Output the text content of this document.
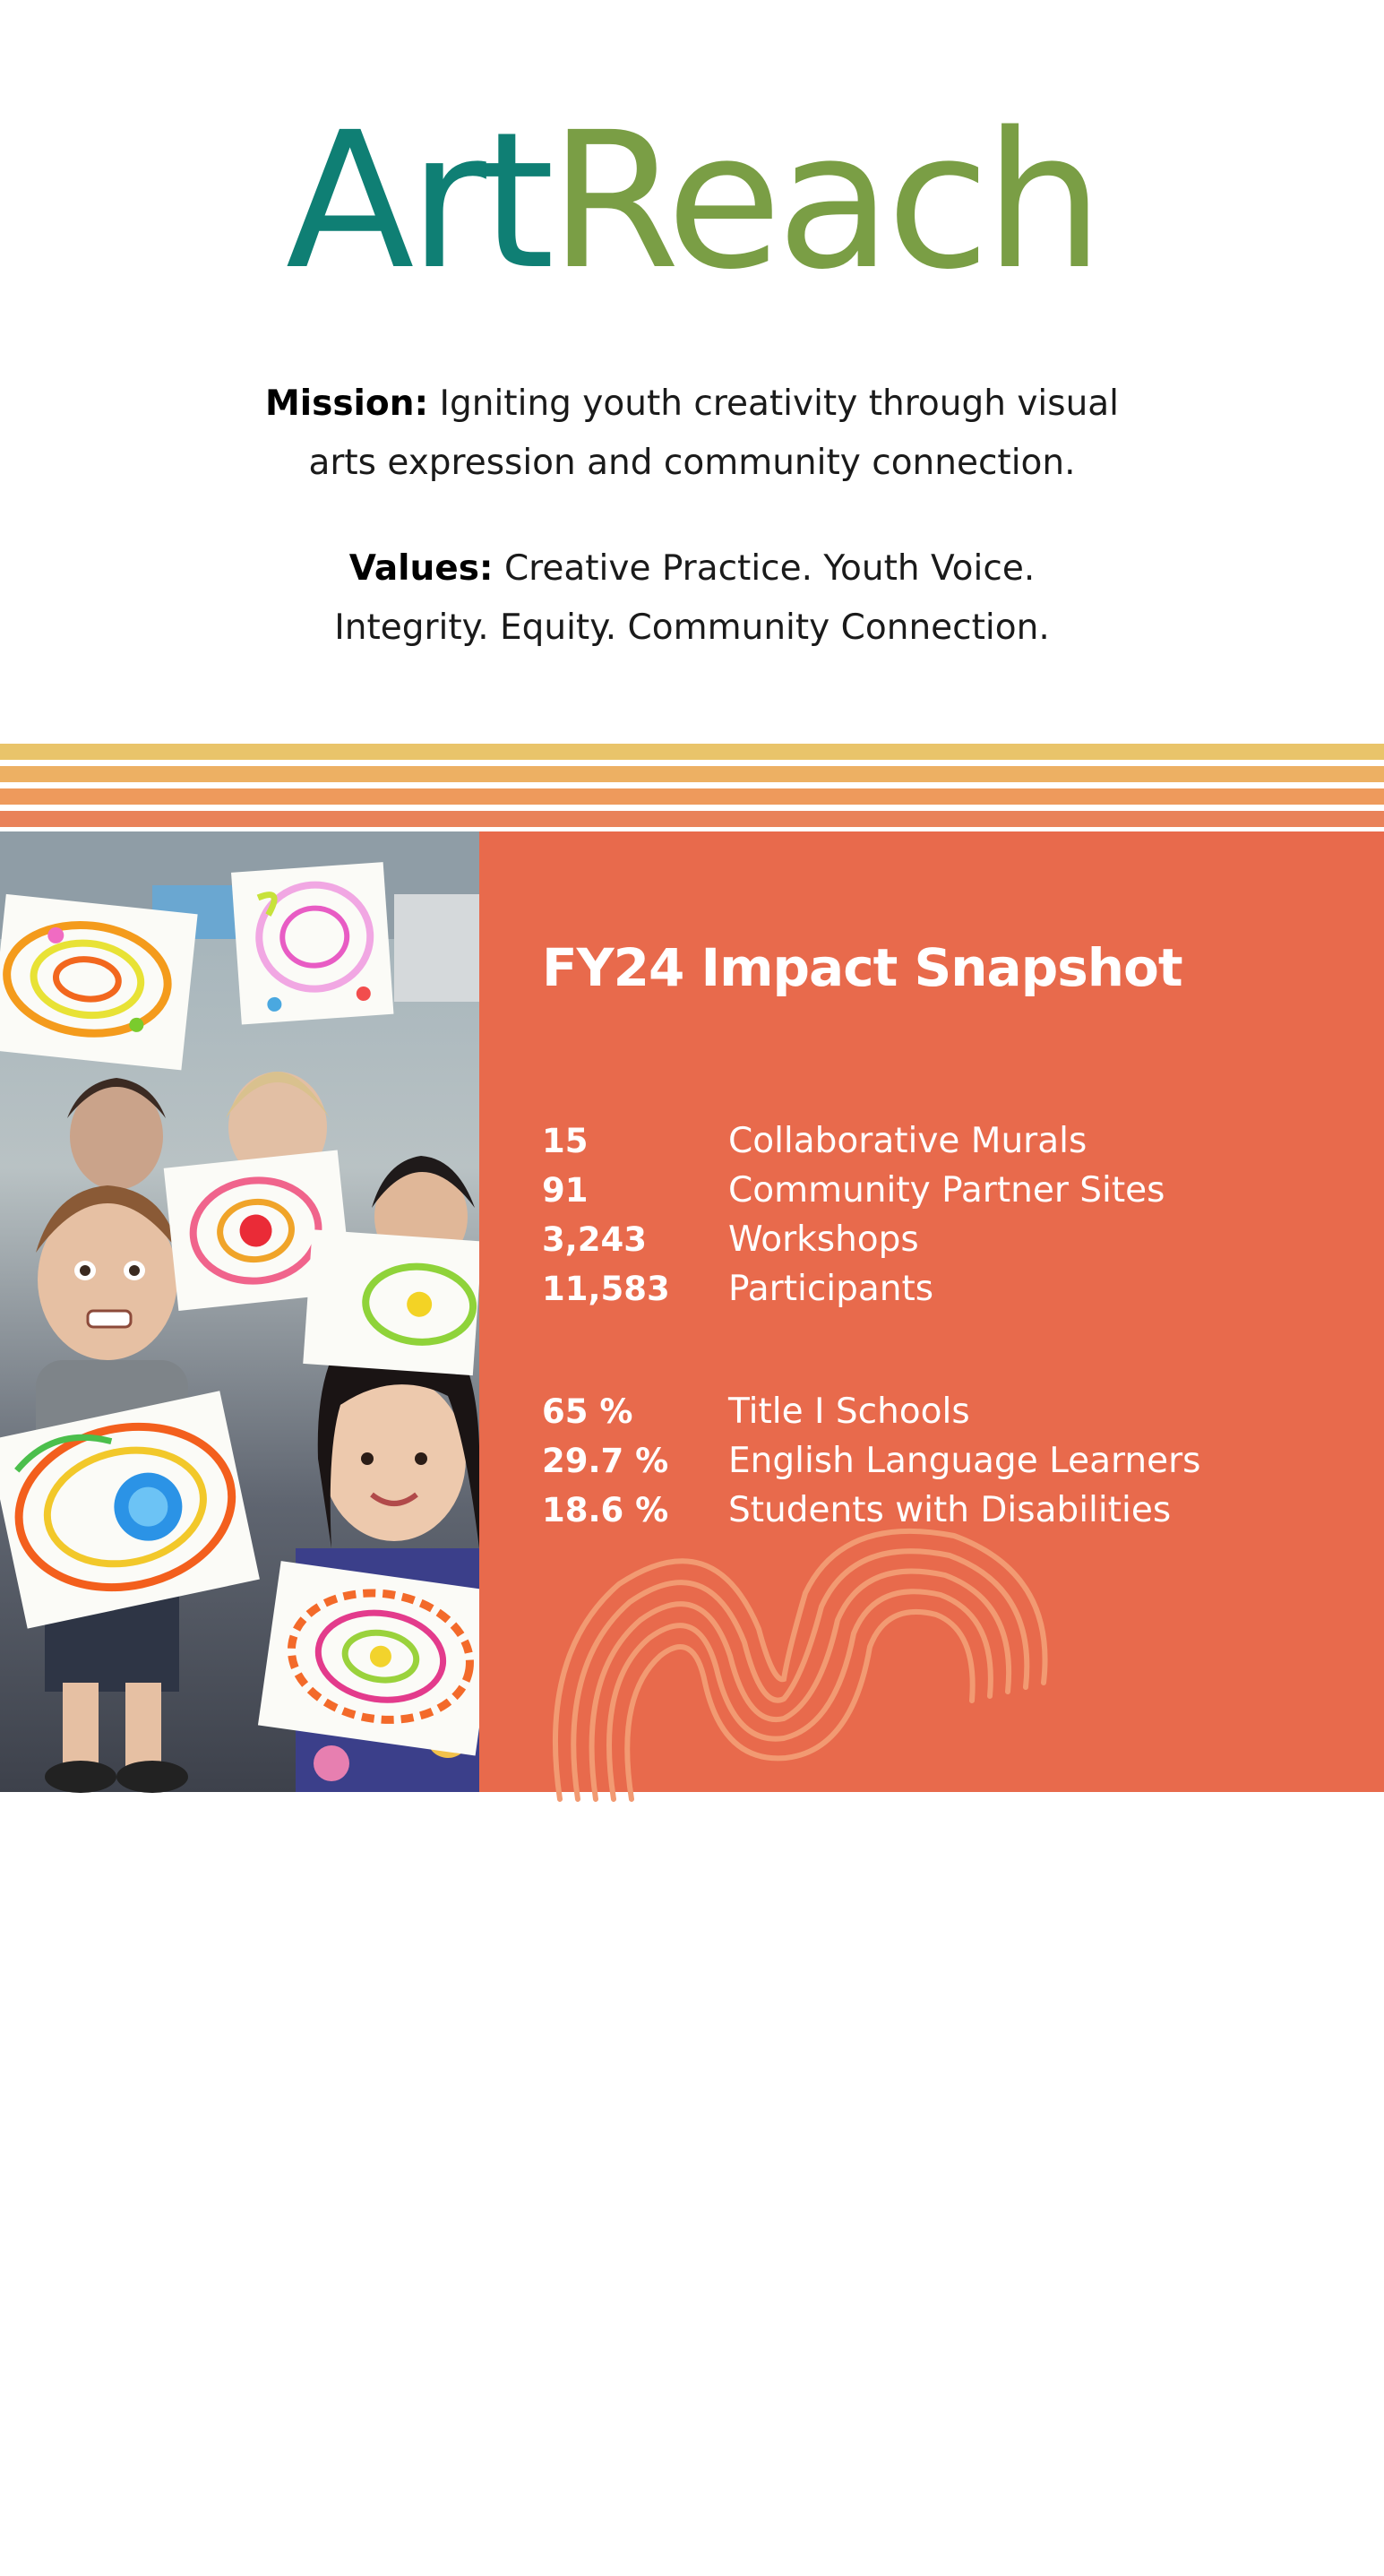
ArtReach
Mission: Igniting youth creativity through visual
arts expression and community connection.
Values: Creative Practice. Youth Voice.
Integrity. Equity. Community Connection.
3
FY24 Impact Snapshot
15	Collaborative Murals
91	Community Partner Sites
3,243	Workshops
11,583	Participants
65 %	Title I Schools
29.7 %	English Language Learners
18.6 %	Students with Disabilities
